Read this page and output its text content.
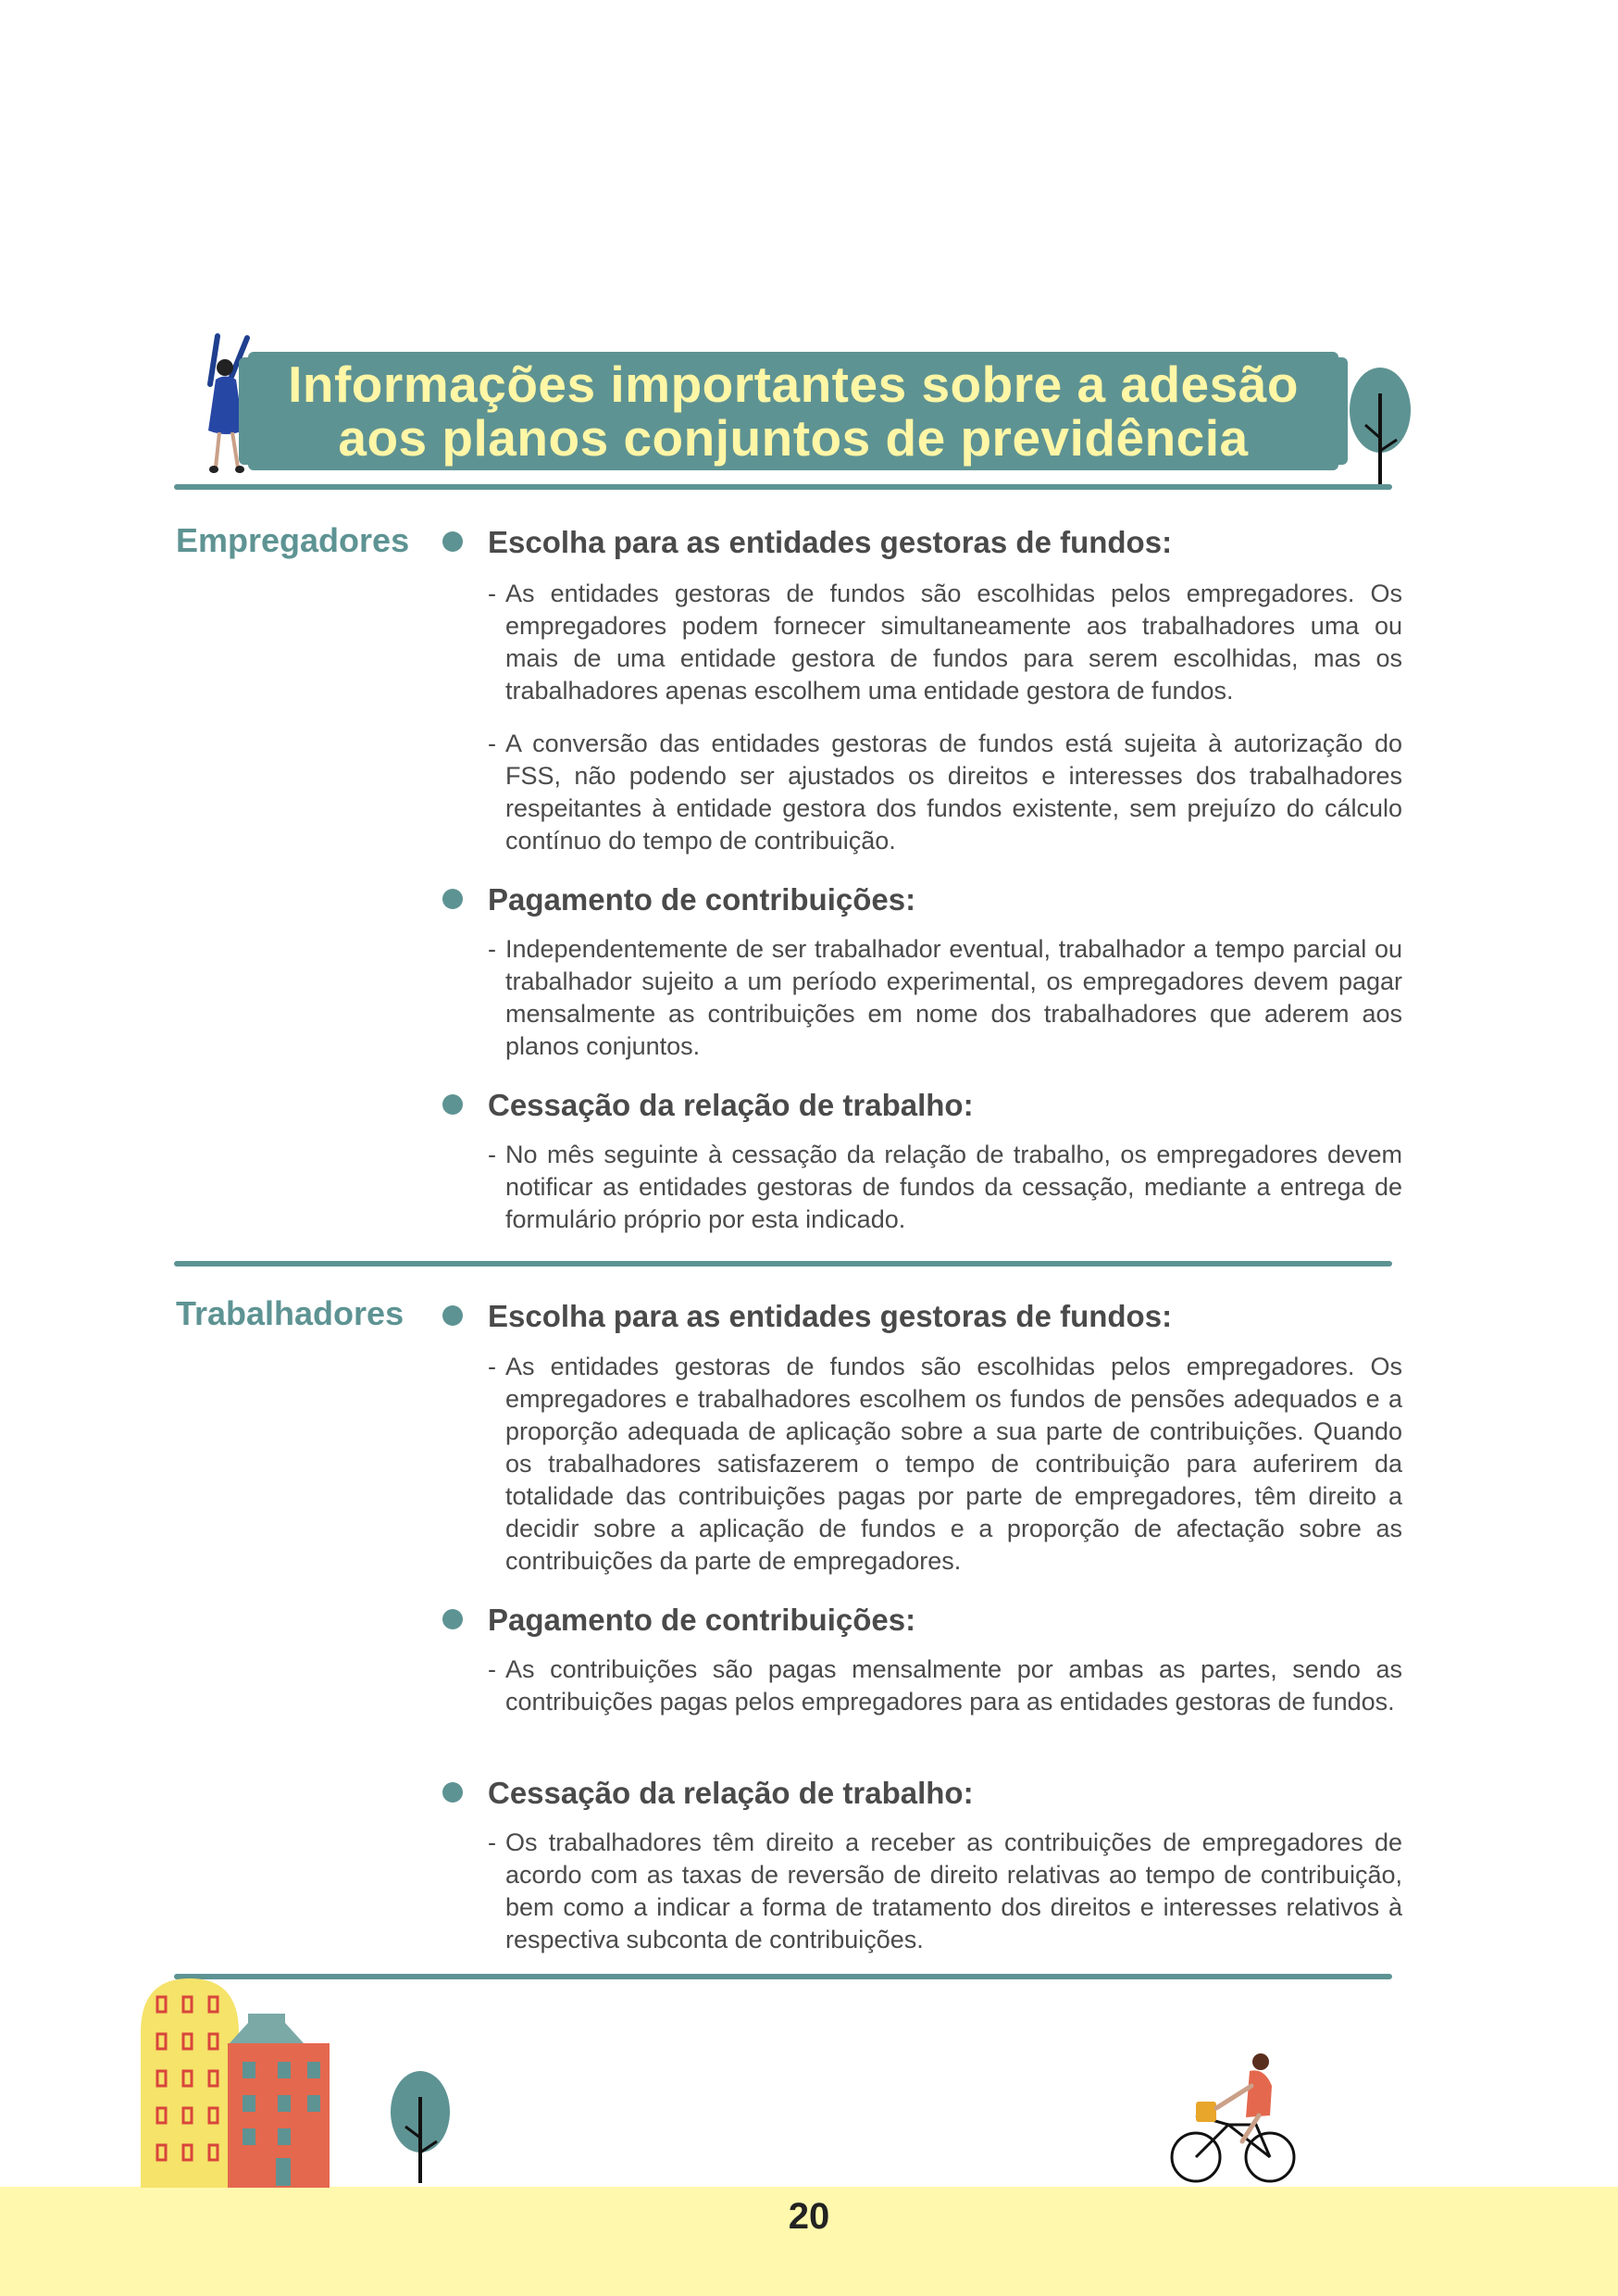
Informações importantes sobre a adesão
aos planos conjuntos de previdência
Empregadores	Escolha para as entidades gestoras de fundos:
- As entidades gestoras de fundos são escolhidas pelos empregadores. Os empregadores podem fornecer simultaneamente aos trabalhadores uma ou mais de uma entidade gestora de fundos para serem escolhidas, mas os trabalhadores apenas escolhem uma entidade gestora de fundos.
- A conversão das entidades gestoras de fundos está sujeita à autorização do FSS, não podendo ser ajustados os direitos e interesses dos trabalhadores respeitantes à entidade gestora dos fundos existente, sem prejuízo do cálculo contínuo do tempo de contribuição.
Pagamento de contribuições:
- Independentemente de ser trabalhador eventual, trabalhador a tempo parcial ou trabalhador sujeito a um período experimental, os empregadores devem pagar mensalmente as contribuições em nome dos trabalhadores que aderem aos planos conjuntos.
Cessação da relação de trabalho:
- No mês seguinte à cessação da relação de trabalho, os empregadores devem notificar as entidades gestoras de fundos da cessação, mediante a entrega de formulário próprio por esta indicado.
Trabalhadores	Escolha para as entidades gestoras de fundos:
- As entidades gestoras de fundos são escolhidas pelos empregadores. Os empregadores e trabalhadores escolhem os fundos de pensões adequados e a proporção adequada de aplicação sobre a sua parte de contribuições. Quando os trabalhadores satisfazerem o tempo de contribuição para auferirem da totalidade das contribuições pagas por parte de empregadores, têm direito a decidir sobre a aplicação de fundos e a proporção de afectação sobre as contribuições da parte de empregadores.
Pagamento de contribuições:
- As contribuições são pagas mensalmente por ambas as partes, sendo as contribuições pagas pelos empregadores para as entidades gestoras de fundos.
Cessação da relação de trabalho:
- Os trabalhadores têm direito a receber as contribuições de empregadores de acordo com as taxas de reversão de direito relativas ao tempo de contribuição, bem como a indicar a forma de tratamento dos direitos e interesses relativos à respectiva subconta de contribuições.
20
